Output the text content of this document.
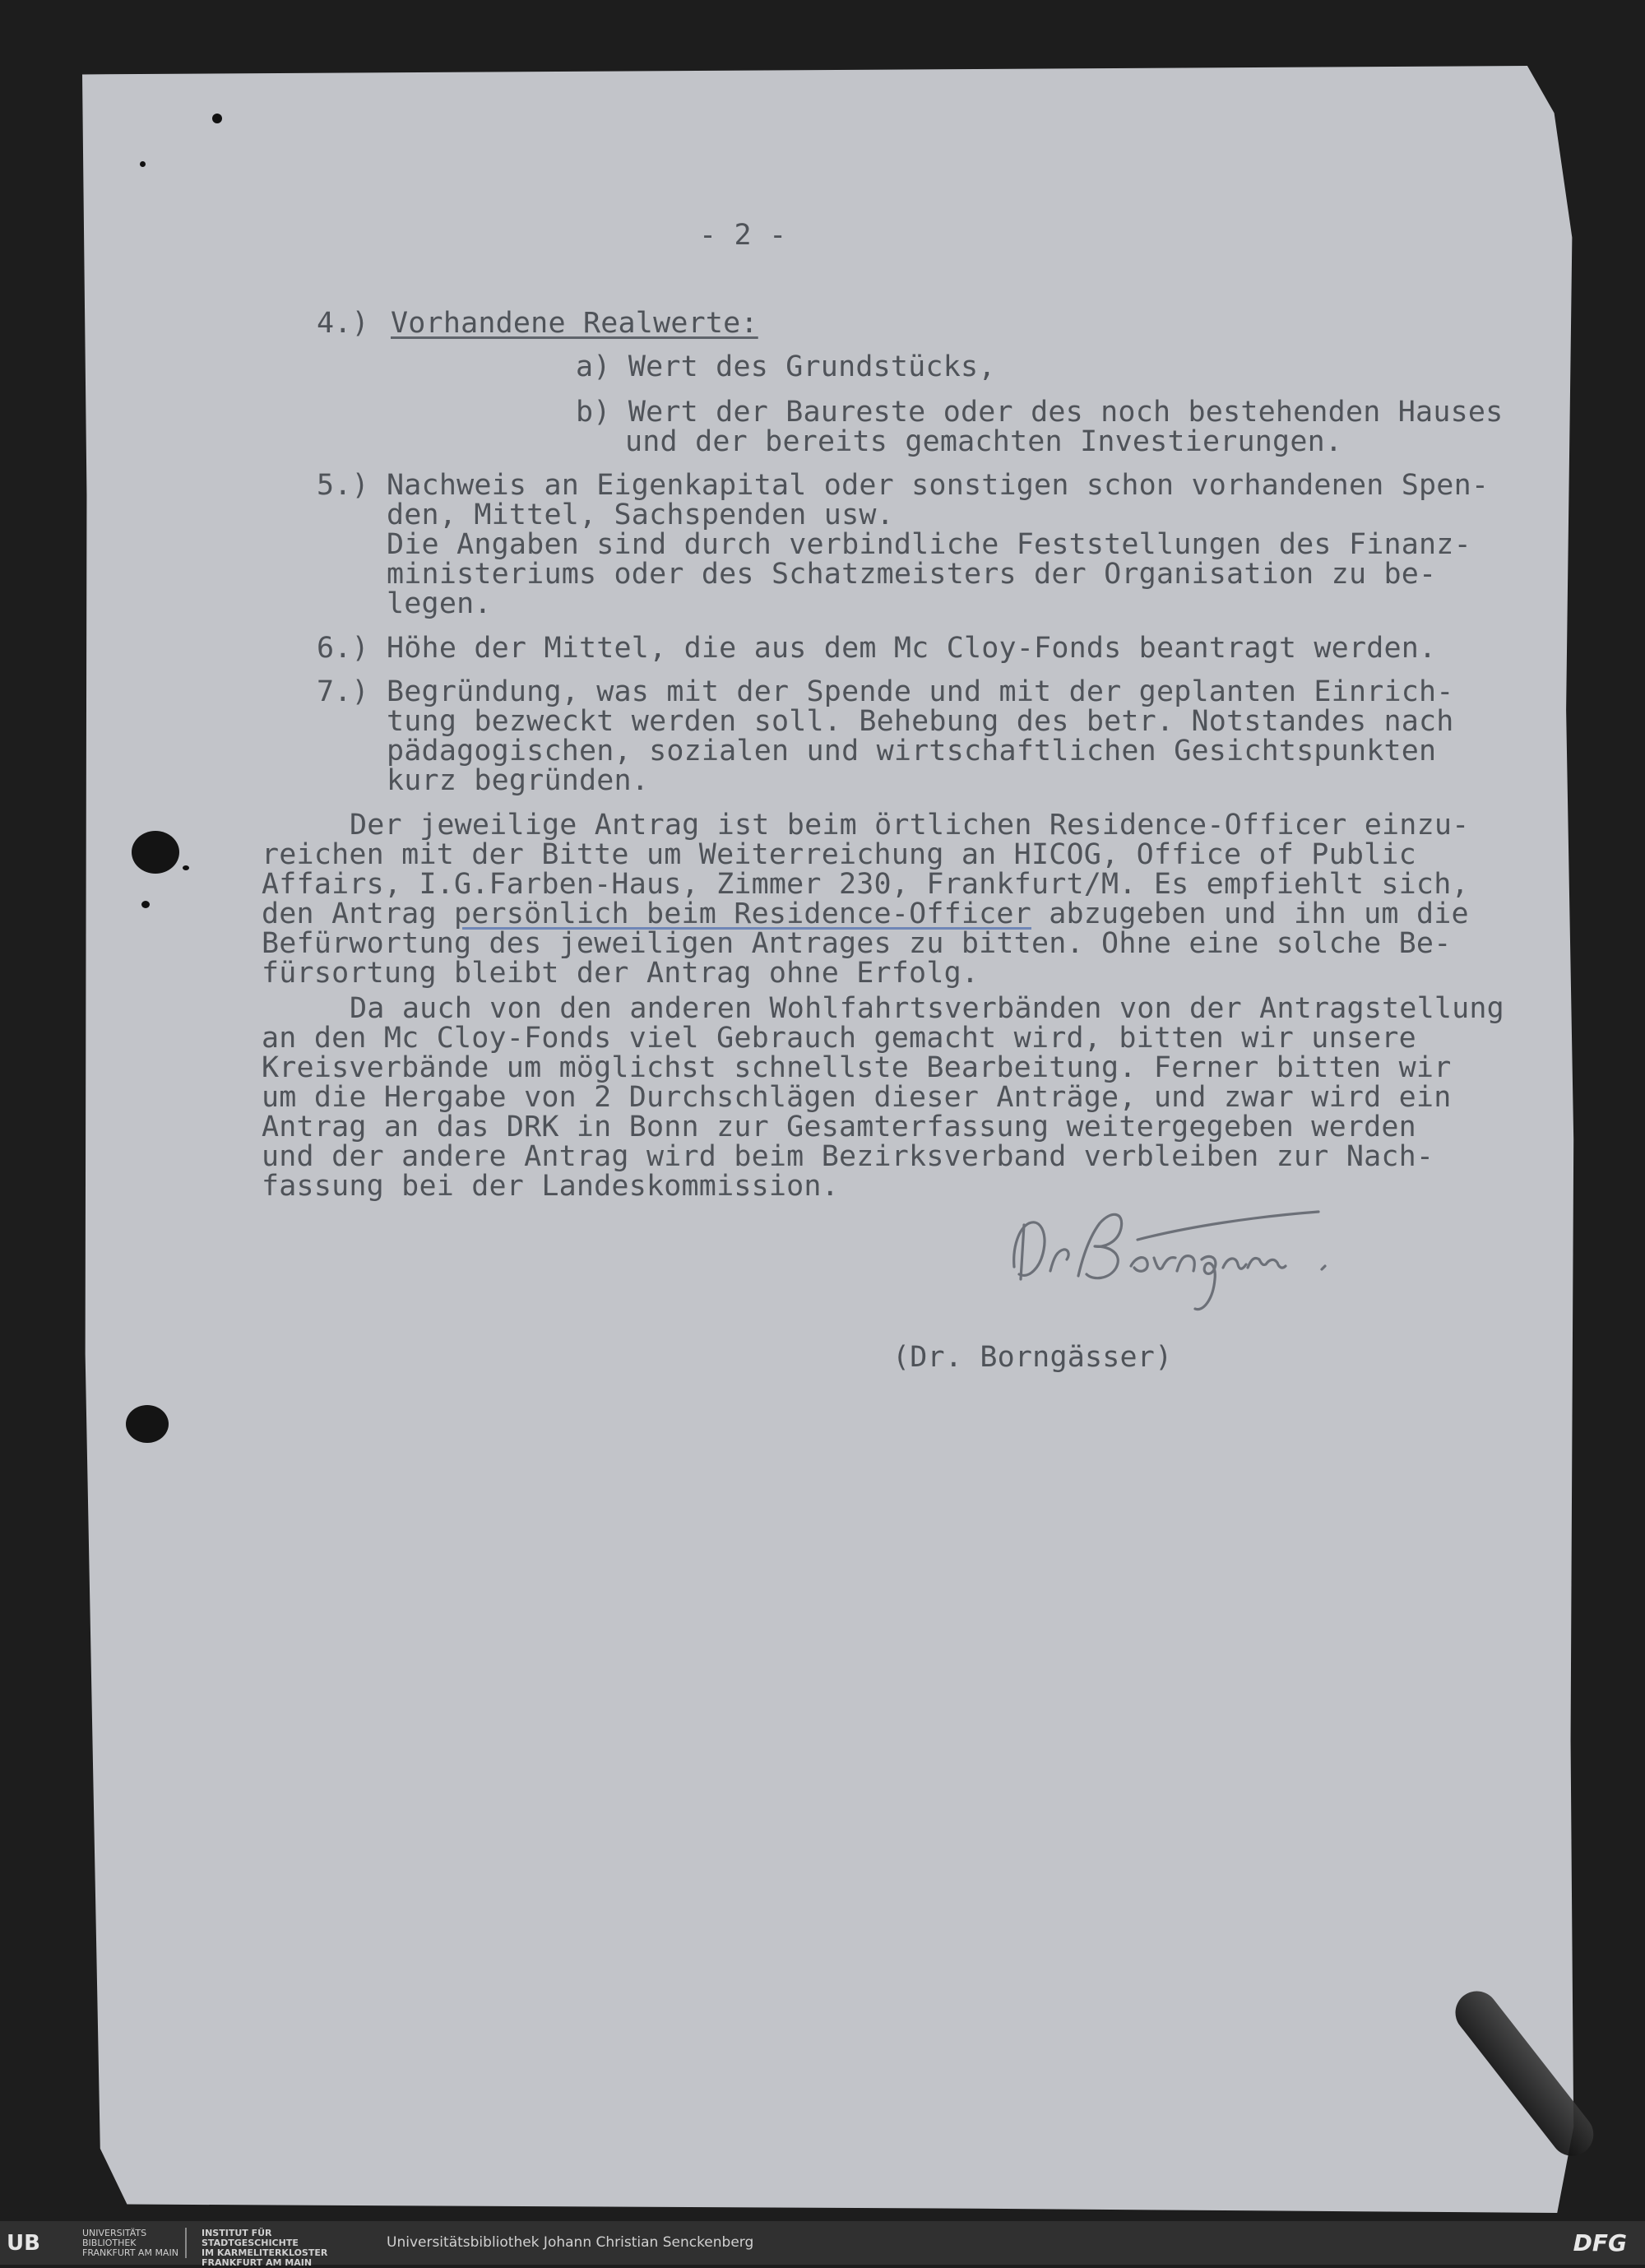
- 2 -
4.) Vorhandene Realwerte:
a) Wert des Grundstücks,
b) Wert der Baureste oder des noch bestehenden Hauses
und der bereits gemachten Investierungen.
5.) Nachweis an Eigenkapital oder sonstigen schon vorhandenen Spen-
den, Mittel, Sachspenden usw.
Die Angaben sind durch verbindliche Feststellungen des Finanz-
ministeriums oder des Schatzmeisters der Organisation zu be-
legen.
6.) Höhe der Mittel, die aus dem Mc Cloy-Fonds beantragt werden.
7.) Begründung, was mit der Spende und mit der geplanten Einrich-
tung bezweckt werden soll. Behebung des betr. Notstandes nach
pädagogischen, sozialen und wirtschaftlichen Gesichtspunkten
kurz begründen.
Der jeweilige Antrag ist beim örtlichen Residence-Officer einzu-
reichen mit der Bitte um Weiterreichung an HICOG, Office of Public
Affairs, I.G.Farben-Haus, Zimmer 230, Frankfurt/M. Es empfiehlt sich,
den Antrag persönlich beim Residence-Officer abzugeben und ihn um die
Befürwortung des jeweiligen Antrages zu bitten. Ohne eine solche Be-
fürsortung bleibt der Antrag ohne Erfolg.
Da auch von den anderen Wohlfahrtsverbänden von der Antragstellung
an den Mc Cloy-Fonds viel Gebrauch gemacht wird, bitten wir unsere
Kreisverbände um möglichst schnellste Bearbeitung. Ferner bitten wir
um die Hergabe von 2 Durchschlägen dieser Anträge, und zwar wird ein
Antrag an das DRK in Bonn zur Gesamterfassung weitergegeben werden
und der andere Antrag wird beim Bezirksverband verbleiben zur Nach-
fassung bei der Landeskommission.
(Dr. Borngässer)
UB	UNIVERSITÄTS
BIBLIOTHEK
FRANKFURT AM MAIN
INSTITUT FÜR
STADTGESCHICHTE
IM KARMELITERKLOSTER
FRANKFURT AM MAIN
Universitätsbibliothek Johann Christian Senckenberg	DFG
